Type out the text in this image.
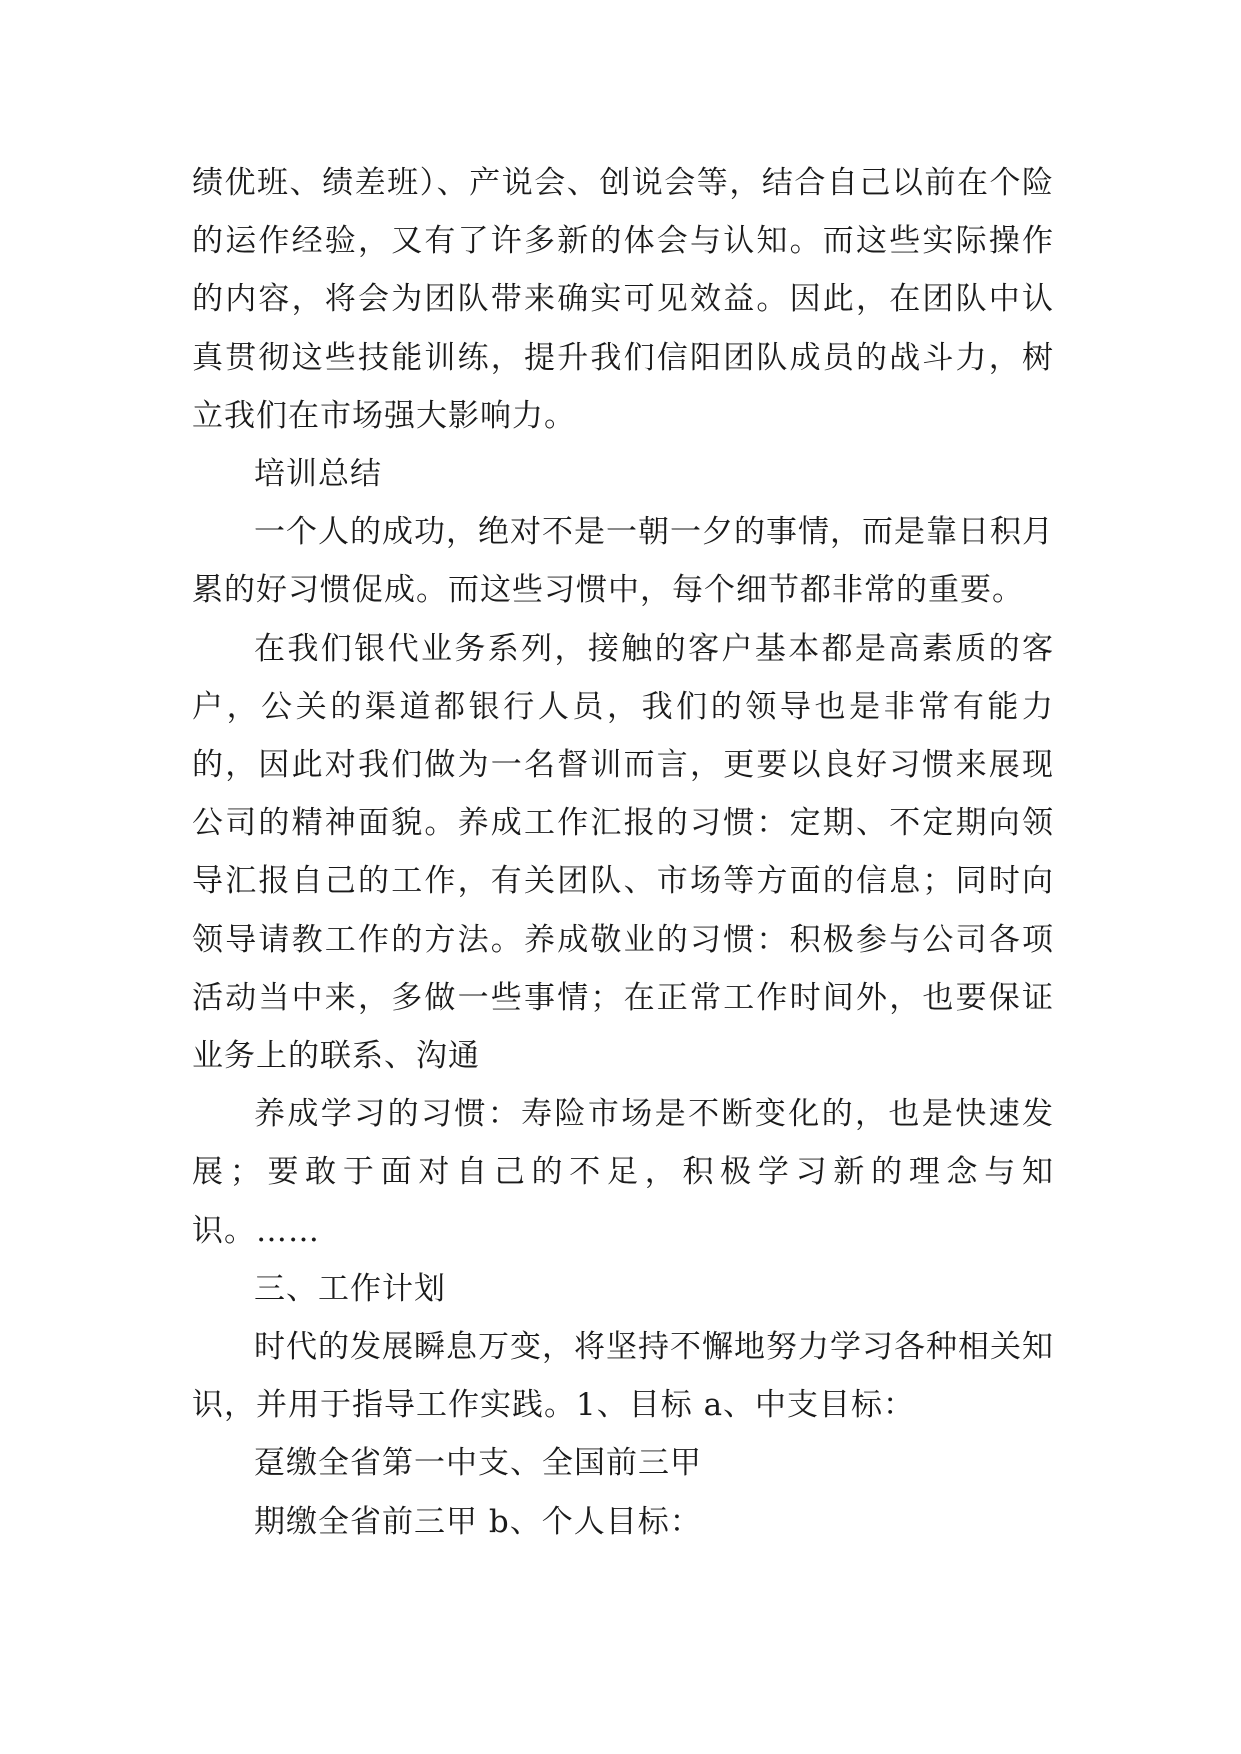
绩优班、绩差班）、产说会、创说会等，结合自己以前在个险的运作经验，又有了许多新的体会与认知。而这些实际操作的内容，将会为团队带来确实可见效益。因此，在团队中认真贯彻这些技能训练，提升我们信阳团队成员的战斗力，树立我们在市场强大影响力。

培训总结

一个人的成功，绝对不是一朝一夕的事情，而是靠日积月累的好习惯促成。而这些习惯中，每个细节都非常的重要。

在我们银代业务系列，接触的客户基本都是高素质的客户，公关的渠道都银行人员，我们的领导也是非常有能力的，因此对我们做为一名督训而言，更要以良好习惯来展现公司的精神面貌。养成工作汇报的习惯：定期、不定期向领导汇报自己的工作，有关团队、市场等方面的信息；同时向领导请教工作的方法。养成敬业的习惯：积极参与公司各项活动当中来，多做一些事情；在正常工作时间外，也要保证业务上的联系、沟通

养成学习的习惯：寿险市场是不断变化的，也是快速发展；要敢于面对自己的不足，积极学习新的理念与知识。……

三、工作计划

时代的发展瞬息万变，将坚持不懈地努力学习各种相关知识，并用于指导工作实践。1、目标 a、中支目标：

趸缴全省第一中支、全国前三甲

期缴全省前三甲 b、个人目标：
